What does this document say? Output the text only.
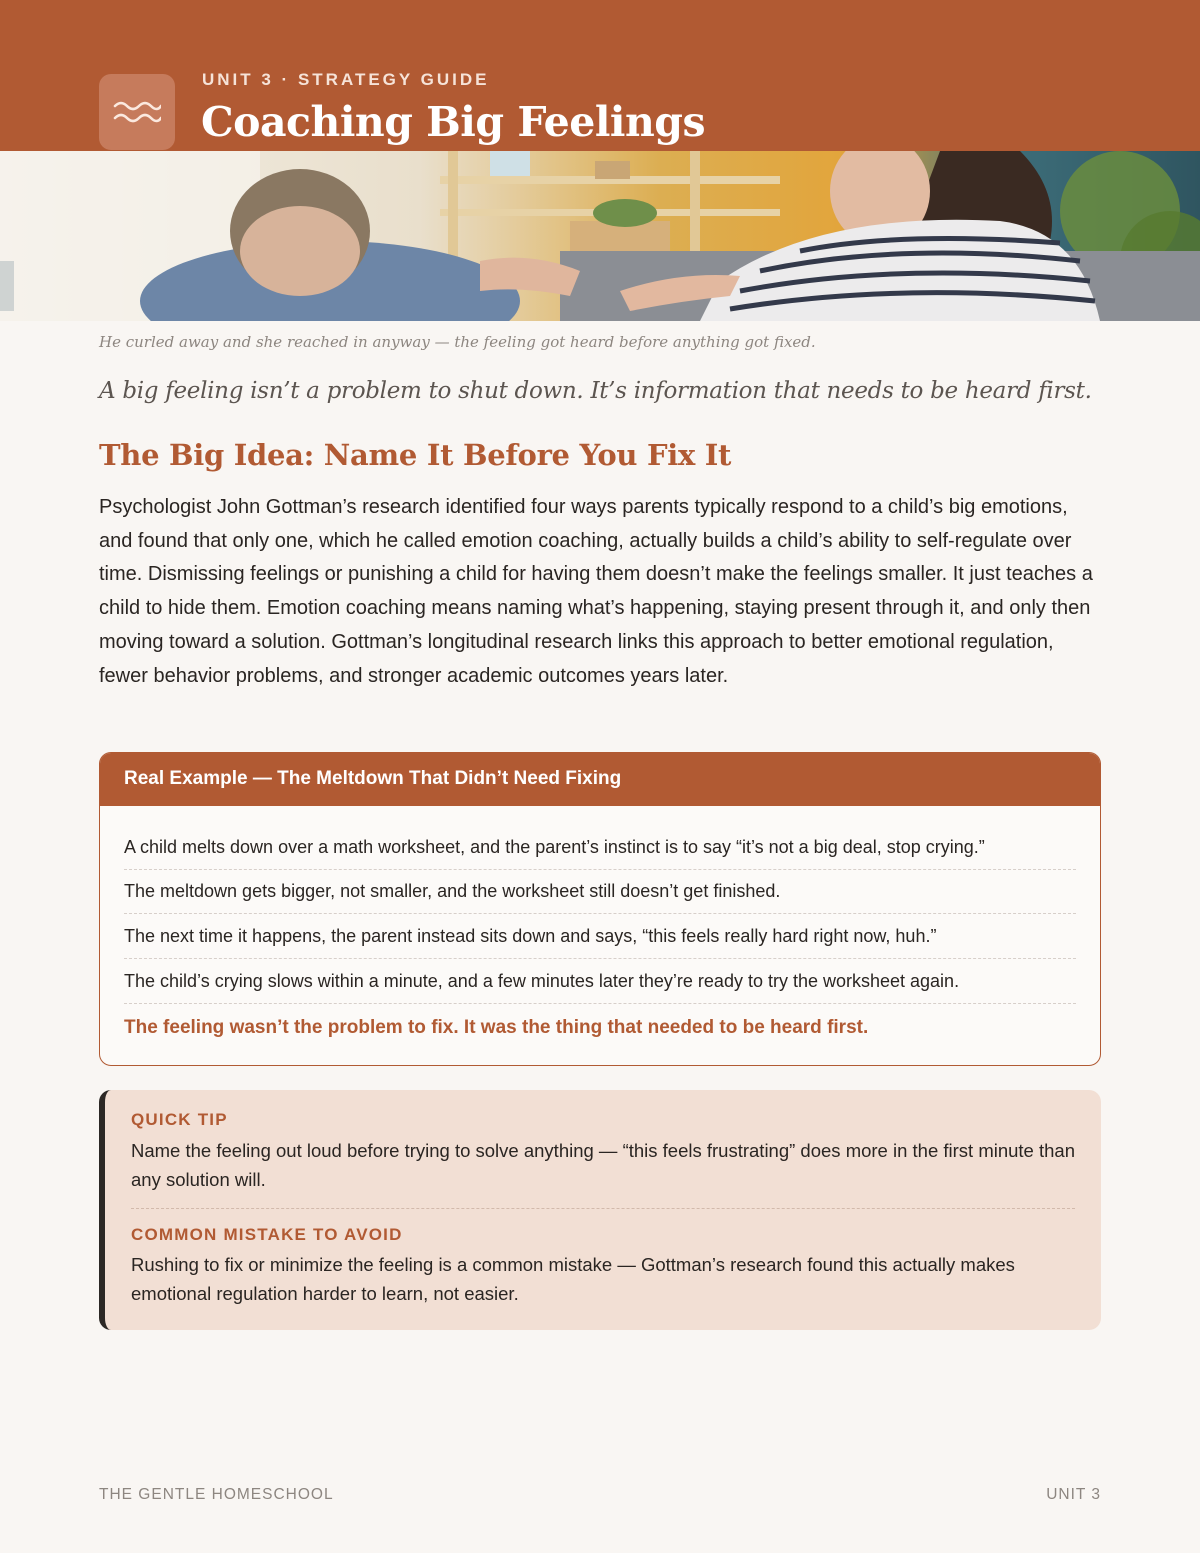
UNIT 3 · STRATEGY GUIDE
Coaching Big Feelings
He curled away and she reached in anyway — the feeling got heard before anything got fixed.
A big feeling isn’t a problem to shut down. It’s information that needs to be heard first.
The Big Idea: Name It Before You Fix It
Psychologist John Gottman’s research identified four ways parents typically respond to a child’s big emotions, and found that only one, which he called emotion coaching, actually builds a child’s ability to self-regulate over time. Dismissing feelings or punishing a child for having them doesn’t make the feelings smaller. It just teaches a child to hide them. Emotion coaching means naming what’s happening, staying present through it, and only then moving toward a solution. Gottman’s longitudinal research links this approach to better emotional regulation, fewer behavior problems, and stronger academic outcomes years later.
Real Example — The Meltdown That Didn’t Need Fixing
A child melts down over a math worksheet, and the parent’s instinct is to say “it’s not a big deal, stop crying.”
The meltdown gets bigger, not smaller, and the worksheet still doesn’t get finished.
The next time it happens, the parent instead sits down and says, “this feels really hard right now, huh.”
The child’s crying slows within a minute, and a few minutes later they’re ready to try the worksheet again.
The feeling wasn’t the problem to fix. It was the thing that needed to be heard first.
QUICK TIP
Name the feeling out loud before trying to solve anything — “this feels frustrating” does more in the first minute than any solution will.
COMMON MISTAKE TO AVOID
Rushing to fix or minimize the feeling is a common mistake — Gottman’s research found this actually makes emotional regulation harder to learn, not easier.
THE GENTLE HOMESCHOOL	UNIT 3
